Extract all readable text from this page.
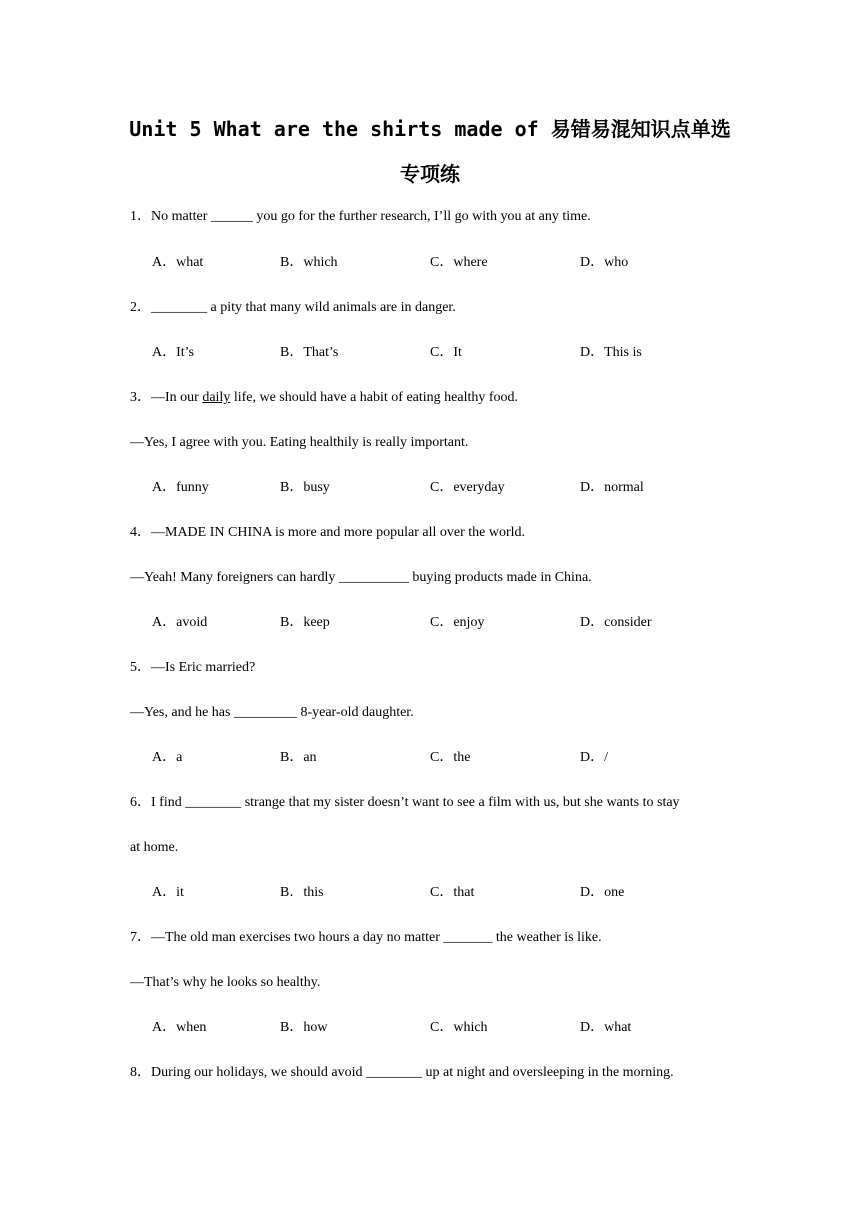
Unit 5 What are the shirts made of 易错易混知识点单选
专项练
1．No matter ______ you go for the further research, I’ll go with you at any time.
A．what	B．which	C．where	D．who
2．________ a pity that many wild animals are in danger.
A．It’s	B．That’s	C．It	D．This is
3．—In our daily life, we should have a habit of eating healthy food.
—Yes, I agree with you. Eating healthily is really important.
A．funny	B．busy	C．everyday	D．normal
4．—MADE IN CHINA is more and more popular all over the world.
—Yeah! Many foreigners can hardly __________ buying products made in China.
A．avoid	B．keep	C．enjoy	D．consider
5．—Is Eric married?
—Yes, and he has _________ 8-year-old daughter.
A．a	B．an	C．the	D．/
6．I find ________ strange that my sister doesn’t want to see a film with us, but she wants to stay
at home.
A．it	B．this	C．that	D．one
7．—The old man exercises two hours a day no matter _______ the weather is like.
—That’s why he looks so healthy.
A．when	B．how	C．which	D．what
8．During our holidays, we should avoid ________ up at night and oversleeping in the morning.
